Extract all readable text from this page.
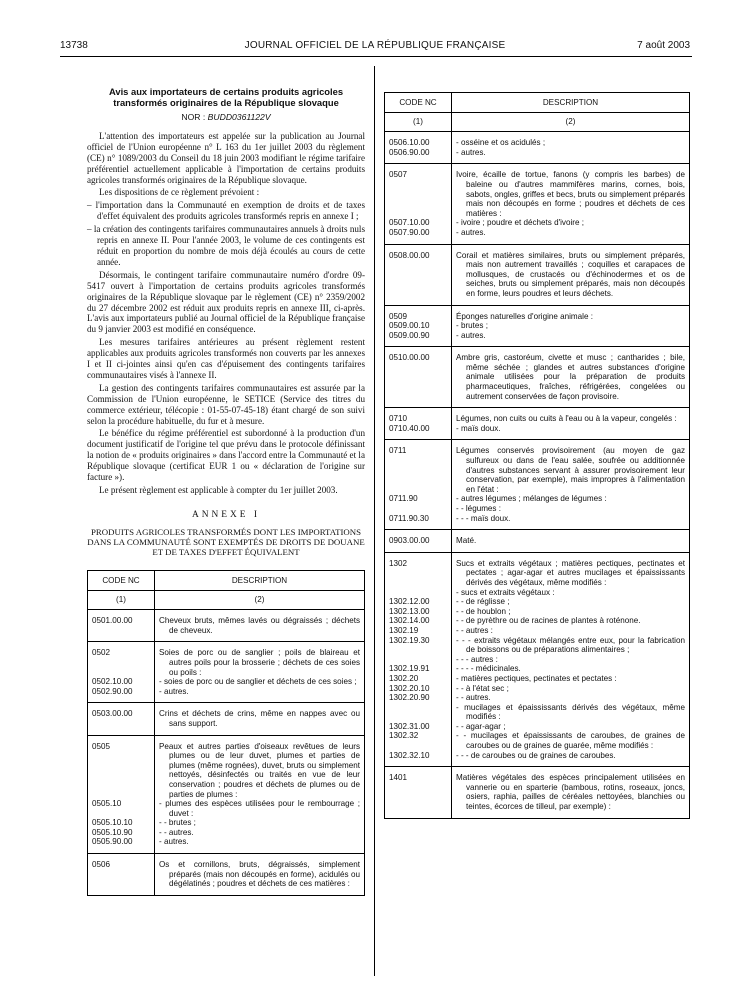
13738	JOURNAL OFFICIEL DE LA RÉPUBLIQUE FRANÇAISE	7 août 2003
Avis aux importateurs de certains produits agricoles
transformés originaires de la République slovaque
NOR : BUDD0361122V

L'attention des importateurs est appelée sur la publication au Journal officiel de l'Union européenne n° L 163 du 1er juillet 2003 du règlement (CE) n° 1089/2003 du Conseil du 18 juin 2003 modifiant le régime tarifaire préférentiel actuellement applicable à l'importation de certains produits agricoles transformés originaires de la République slovaque.

Les dispositions de ce règlement prévoient :

– l'importation dans la Communauté en exemption de droits et de taxes d'effet équivalent des produits agricoles transformés repris en annexe I ;

– la création des contingents tarifaires communautaires annuels à droits nuls repris en annexe II. Pour l'année 2003, le volume de ces contingents est réduit en proportion du nombre de mois déjà écoulés au cours de cette année.

Désormais, le contingent tarifaire communautaire numéro d'ordre 09-5417 ouvert à l'importation de certains produits agricoles transformés originaires de la République slovaque par le règlement (CE) n° 2359/2002 du 27 décembre 2002 est réduit aux produits repris en annexe III, ci-après. L'avis aux importateurs publié au Journal officiel de la République française du 9 janvier 2003 est modifié en conséquence.

Les mesures tarifaires antérieures au présent règlement restent applicables aux produits agricoles transformés non couverts par les annexes I et II ci-jointes ainsi qu'en cas d'épuisement des contingents tarifaires communautaires visés à l'annexe II.

La gestion des contingents tarifaires communautaires est assurée par la Commission de l'Union européenne, le SETICE (Service des titres du commerce extérieur, télécopie : 01-55-07-45-18) étant chargé de son suivi selon la procédure habituelle, du fur et à mesure.

Le bénéfice du régime préférentiel est subordonné à la production d'un document justificatif de l'origine tel que prévu dans le protocole définissant la notion de « produits originaires » dans l'accord entre la Communauté et la République slovaque (certificat EUR 1 ou « déclaration de l'origine sur facture »).

Le présent règlement est applicable à compter du 1er juillet 2003.

ANNEXE I
PRODUITS AGRICOLES TRANSFORMÉS DONT LES IMPORTATIONS DANS LA COMMUNAUTÉ SONT EXEMPTÉS DE DROITS DE DOUANE ET DE TAXES D'EFFET ÉQUIVALENT
CODE NC	DESCRIPTION
(1)	(2)
0501.00.00	Cheveux bruts, mêmes lavés ou dégraissés ; déchets de cheveux.

0502	Soies de porc ou de sanglier ; poils de blaireau et autres poils pour la brosserie ; déchets de ces soies ou poils :

0502.10.00	- soies de porc ou de sanglier et déchets de ces soies ;

0502.90.00	- autres.

0503.00.00	Crins et déchets de crins, même en nappes avec ou sans support.

0505	Peaux et autres parties d'oiseaux revêtues de leurs plumes ou de leur duvet, plumes et parties de plumes (même rognées), duvet, bruts ou simplement nettoyés, désinfectés ou traités en vue de leur conservation ; poudres et déchets de plumes ou de parties de plumes :

0505.10	- plumes des espèces utilisées pour le rembourrage ; duvet :

0505.10.10	- - brutes ;

0505.10.90	- - autres.

0505.90.00	- autres.

0506	Os et cornillons, bruts, dégraissés, simplement préparés (mais non découpés en forme), acidulés ou dégélatinés ; poudres et déchets de ces matières :
CODE NC	DESCRIPTION
(1)	(2)
0506.10.00	- osséine et os acidulés ;

0506.90.00	- autres.

0507	Ivoire, écaille de tortue, fanons (y compris les barbes) de baleine ou d'autres mammifères marins, cornes, bois, sabots, ongles, griffes et becs, bruts ou simplement préparés mais non découpés en forme ; poudres et déchets de ces matières :

0507.10.00	- ivoire ; poudre et déchets d'ivoire ;

0507.90.00	- autres.

0508.00.00	Corail et matières similaires, bruts ou simplement préparés, mais non autrement travaillés ; coquilles et carapaces de mollusques, de crustacés ou d'échinodermes et os de seiches, bruts ou simplement préparés, mais non découpés en forme, leurs poudres et leurs déchets.

0509	Éponges naturelles d'origine animale :

0509.00.10	- brutes ;

0509.00.90	- autres.

0510.00.00	Ambre gris, castoréum, civette et musc ; cantharides ; bile, même séchée ; glandes et autres substances d'origine animale utilisées pour la préparation de produits pharmaceutiques, fraîches, réfrigérées, congelées ou autrement conservées de façon provisoire.

0710	Légumes, non cuits ou cuits à l'eau ou à la vapeur, congelés :

0710.40.00	- maïs doux.

0711	Légumes conservés provisoirement (au moyen de gaz sulfureux ou dans de l'eau salée, soufrée ou additionnée d'autres substances servant à assurer provisoirement leur conservation, par exemple), mais impropres à l'alimentation en l'état :

0711.90	- autres légumes ; mélanges de légumes :

	- - légumes :

0711.90.30	- - - maïs doux.

0903.00.00	Maté.

1302	Sucs et extraits végétaux ; matières pectiques, pectinates et pectates ; agar-agar et autres mucilages et épaississants dérivés des végétaux, même modifiés :

	- sucs et extraits végétaux :

1302.12.00	- - de réglisse ;

1302.13.00	- - de houblon ;

1302.14.00	- - de pyrèthre ou de racines de plantes à roténone.

1302.19	- - autres :

1302.19.30	- - - extraits végétaux mélangés entre eux, pour la fabrication de boissons ou de préparations alimentaires ;

	- - - autres :

1302.19.91	- - - - médicinales.

1302.20	- matières pectiques, pectinates et pectates :

1302.20.10	- - à l'état sec ;

1302.20.90	- - autres.

	- mucilages et épaississants dérivés des végétaux, même modifiés :

1302.31.00	- - agar-agar ;

1302.32	- - mucilages et épaississants de caroubes, de graines de caroubes ou de graines de guarée, même modifiés :

1302.32.10	- - - de caroubes ou de graines de caroubes.

1401	Matières végétales des espèces principalement utilisées en vannerie ou en sparterie (bambous, rotins, roseaux, joncs, osiers, raphia, pailles de céréales nettoyées, blanchies ou teintes, écorces de tilleul, par exemple) :
